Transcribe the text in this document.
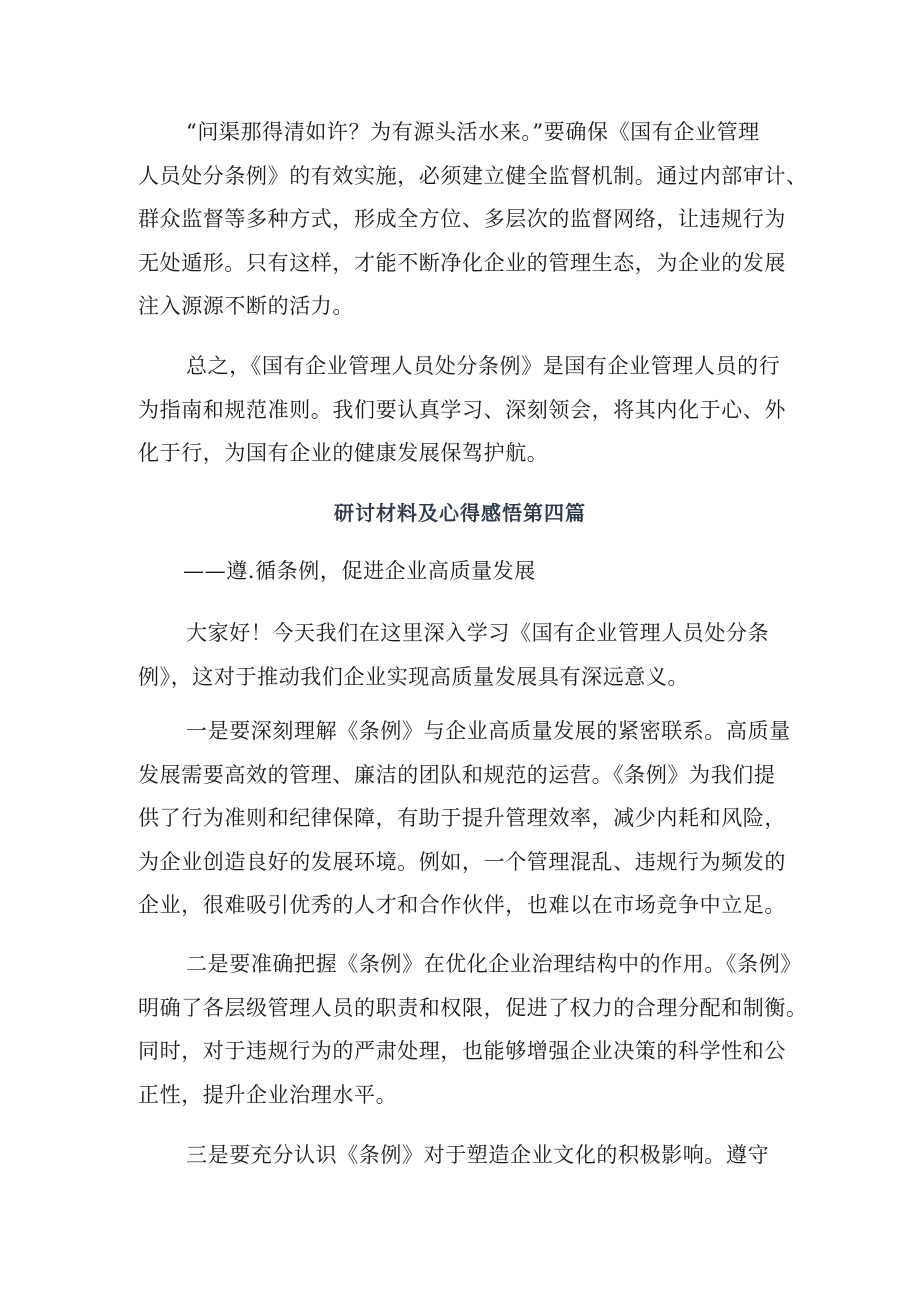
“问渠那得清如许？为有源头活水来。”要确保《国有企业管理
人员处分条例》的有效实施，必须建立健全监督机制。通过内部审计、
群众监督等多种方式，形成全方位、多层次的监督网络，让违规行为
无处遁形。只有这样，才能不断净化企业的管理生态，为企业的发展
注入源源不断的活力。

总之，《国有企业管理人员处分条例》是国有企业管理人员的行
为指南和规范准则。我们要认真学习、深刻领会，将其内化于心、外
化于行，为国有企业的健康发展保驾护航。

研讨材料及心得感悟第四篇

——遵.循条例，促进企业高质量发展

大家好！今天我们在这里深入学习《国有企业管理人员处分条
例》，这对于推动我们企业实现高质量发展具有深远意义。

一是要深刻理解《条例》与企业高质量发展的紧密联系。高质量
发展需要高效的管理、廉洁的团队和规范的运营。《条例》为我们提
供了行为准则和纪律保障，有助于提升管理效率，减少内耗和风险，
为企业创造良好的发展环境。例如，一个管理混乱、违规行为频发的
企业，很难吸引优秀的人才和合作伙伴，也难以在市场竞争中立足。

二是要准确把握《条例》在优化企业治理结构中的作用。《条例》
明确了各层级管理人员的职责和权限，促进了权力的合理分配和制衡。
同时，对于违规行为的严肃处理，也能够增强企业决策的科学性和公
正性，提升企业治理水平。

三是要充分认识《条例》对于塑造企业文化的积极影响。遵守
